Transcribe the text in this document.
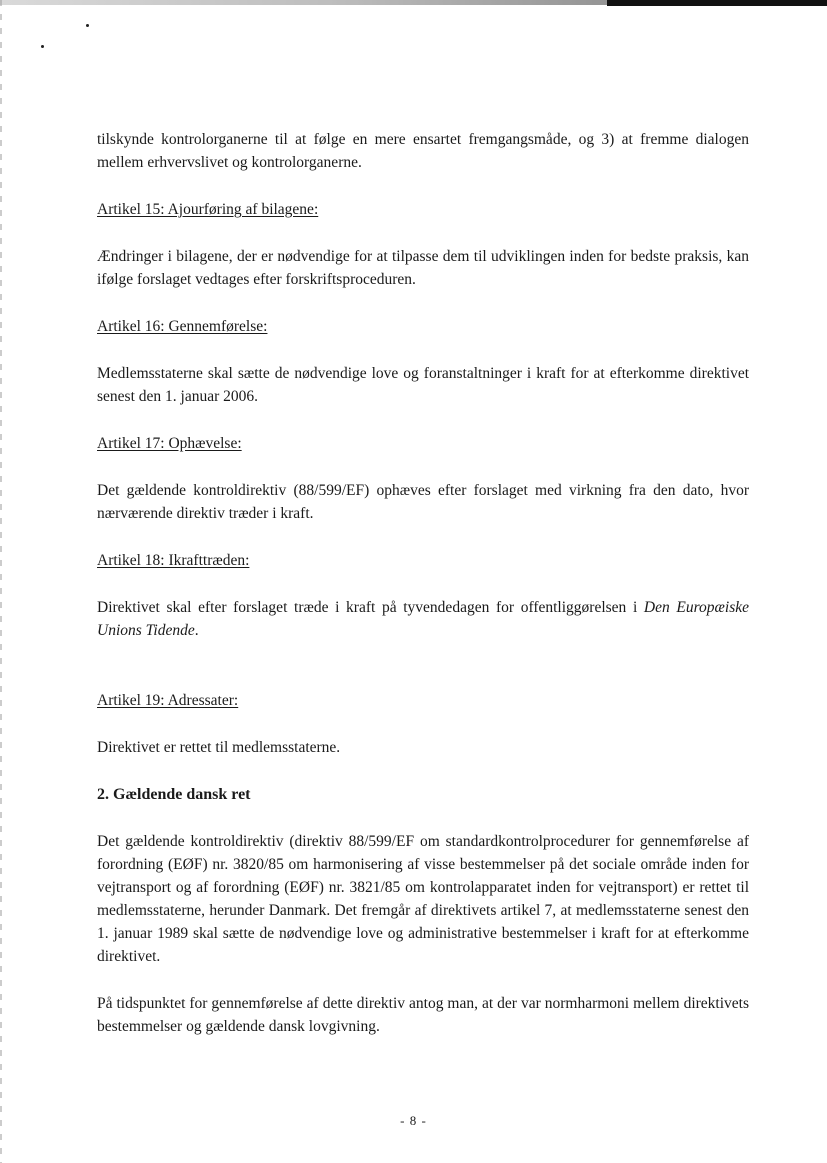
tilskynde kontrolorganerne til at følge en mere ensartet fremgangsmåde, og 3) at fremme dialogen mellem erhvervslivet og kontrolorganerne.

Artikel 15: Ajourføring af bilagene:

Ændringer i bilagene, der er nødvendige for at tilpasse dem til udviklingen inden for bedste praksis, kan ifølge forslaget vedtages efter forskriftsproceduren.

Artikel 16: Gennemførelse:

Medlemsstaterne skal sætte de nødvendige love og foranstaltninger i kraft for at efterkomme direktivet senest den 1. januar 2006.

Artikel 17: Ophævelse:

Det gældende kontroldirektiv (88/599/EF) ophæves efter forslaget med virkning fra den dato, hvor nærværende direktiv træder i kraft.

Artikel 18: Ikrafttræden:

Direktivet skal efter forslaget træde i kraft på tyvendedagen for offentliggørelsen i Den Europæiske Unions Tidende.

Artikel 19: Adressater:

Direktivet er rettet til medlemsstaterne.

2. Gældende dansk ret

Det gældende kontroldirektiv (direktiv 88/599/EF om standardkontrolprocedurer for gennemførelse af forordning (EØF) nr. 3820/85 om harmonisering af visse bestemmelser på det sociale område inden for vejtransport og af forordning (EØF) nr. 3821/85 om kontrolapparatet inden for vejtransport) er rettet til medlemsstaterne, herunder Danmark. Det fremgår af direktivets artikel 7, at medlemsstaterne senest den 1. januar 1989 skal sætte de nødvendige love og administrative bestemmelser i kraft for at efterkomme direktivet.

På tidspunktet for gennemførelse af dette direktiv antog man, at der var normharmoni mellem direktivets bestemmelser og gældende dansk lovgivning.

- 8 -
